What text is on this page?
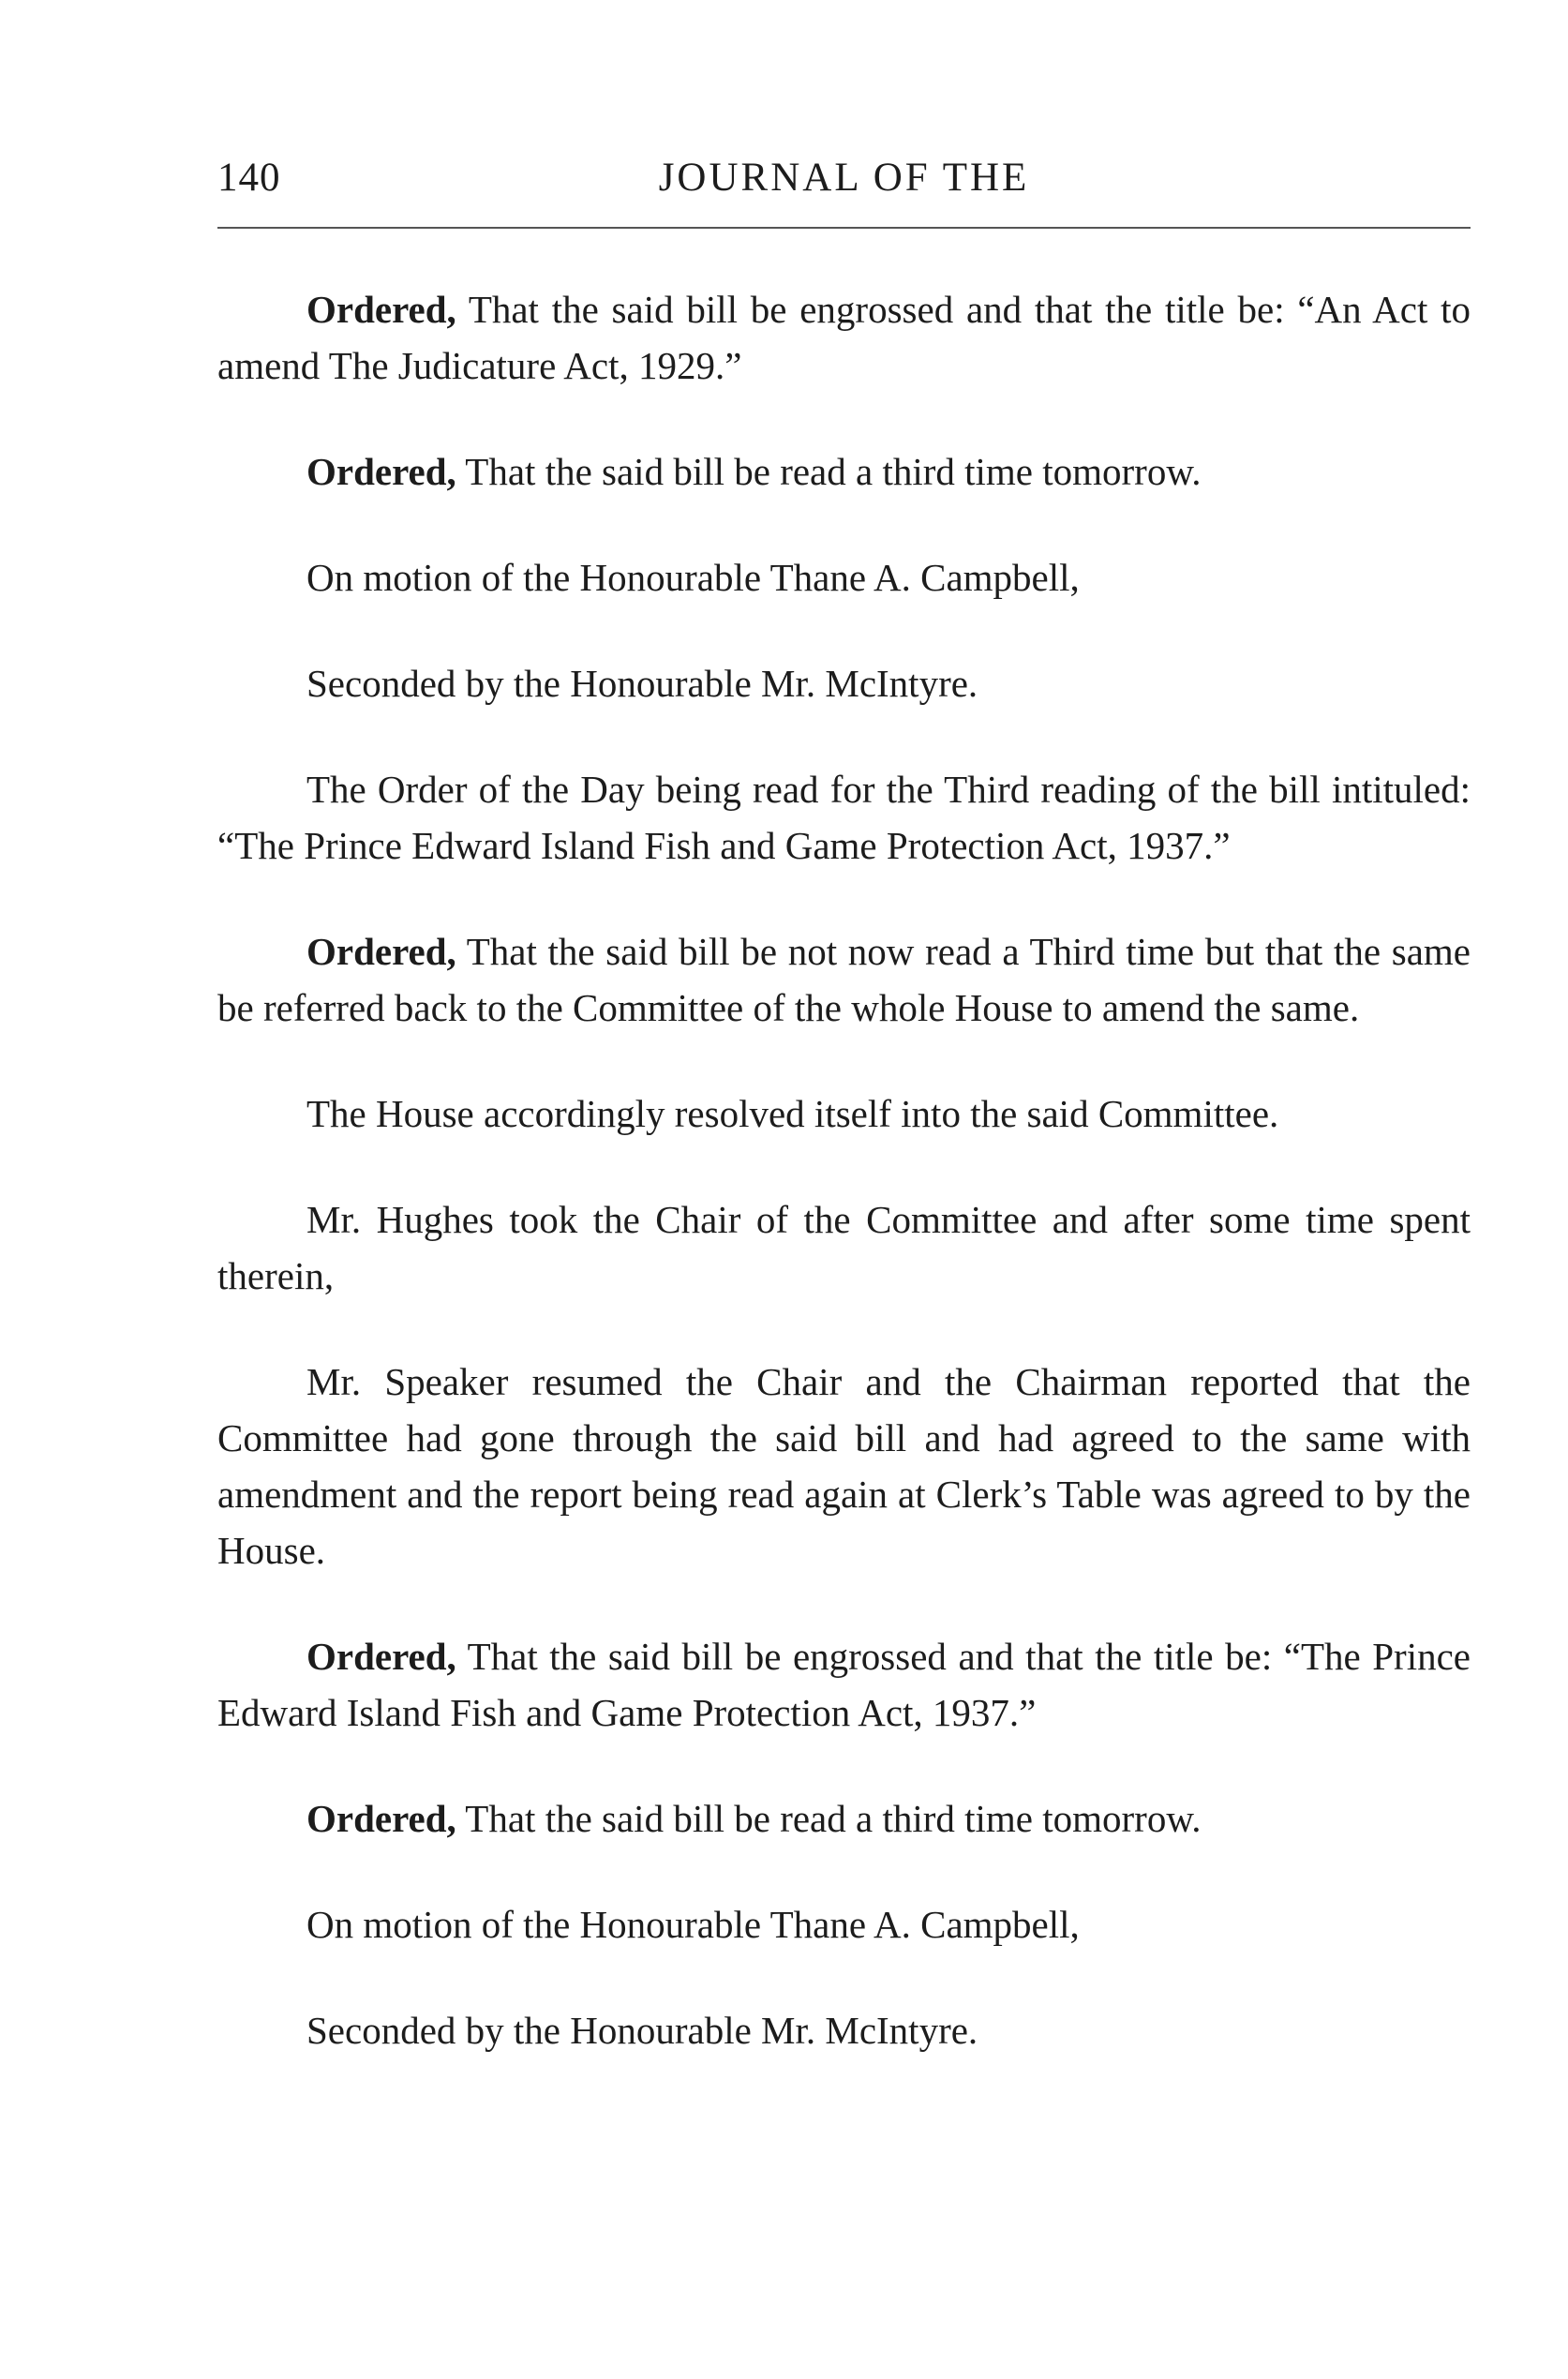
140	JOURNAL OF THE

Ordered, That the said bill be engrossed and that the title be: “An Act to amend The Judicature Act, 1929.”

Ordered, That the said bill be read a third time tomorrow.

On motion of the Honourable Thane A. Campbell,

Seconded by the Honourable Mr. McIntyre.

The Order of the Day being read for the Third reading of the bill intituled: “The Prince Edward Island Fish and Game Protection Act, 1937.”

Ordered, That the said bill be not now read a Third time but that the same be referred back to the Committee of the whole House to amend the same.

The House accordingly resolved itself into the said Committee.

Mr. Hughes took the Chair of the Committee and after some time spent therein,

Mr. Speaker resumed the Chair and the Chairman reported that the Committee had gone through the said bill and had agreed to the same with amendment and the report being read again at Clerk’s Table was agreed to by the House.

Ordered, That the said bill be engrossed and that the title be: “The Prince Edward Island Fish and Game Protection Act, 1937.”

Ordered, That the said bill be read a third time tomorrow.

On motion of the Honourable Thane A. Campbell,

Seconded by the Honourable Mr. McIntyre.
